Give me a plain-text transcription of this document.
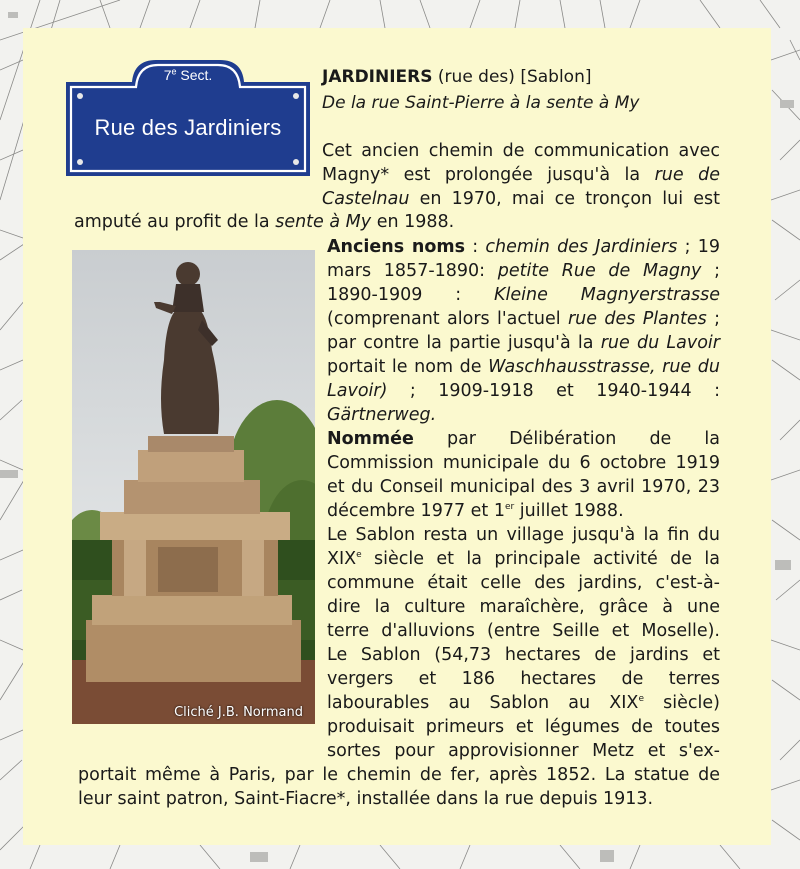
7e Sect.
Rue des Jardiniers
Cliché J.B. Normand
JARDINIERS (rue des) [Sablon]
De la rue Saint-Pierre à la sente à My
Cet ancien chemin de communication avec
Magny* est prolongée jusqu'à la rue de
Castelnau en 1970, mai ce tronçon lui est
amputé au profit de la sente à My en 1988.
Anciens noms : chemin des Jardiniers ; 19
mars 1857-1890: petite Rue de Magny ;
1890-1909 : Kleine Magnyerstrasse
(comprenant alors l'actuel rue des Plantes ;
par contre la partie jusqu'à la rue du Lavoir
portait le nom de Waschhausstrasse, rue du
Lavoir) ; 1909-1918 et 1940-1944 :
Gärtnerweg.
Nommée par Délibération de la
Commission municipale du 6 octobre 1919
et du Conseil municipal des 3 avril 1970, 23
décembre 1977 et 1er juillet 1988.
Le Sablon resta un village jusqu'à la fin du
XIXe siècle et la principale activité de la
commune était celle des jardins, c'est-à-
dire la culture maraîchère, grâce à une
terre d'alluvions (entre Seille et Moselle).
Le Sablon (54,73 hectares de jardins et
vergers et 186 hectares de terres
labourables au Sablon au XIXe siècle)
produisait primeurs et légumes de toutes
sortes pour approvisionner Metz et s'ex-
portait même à Paris, par le chemin de fer, après 1852. La statue de
leur saint patron, Saint-Fiacre*, installée dans la rue depuis 1913.
